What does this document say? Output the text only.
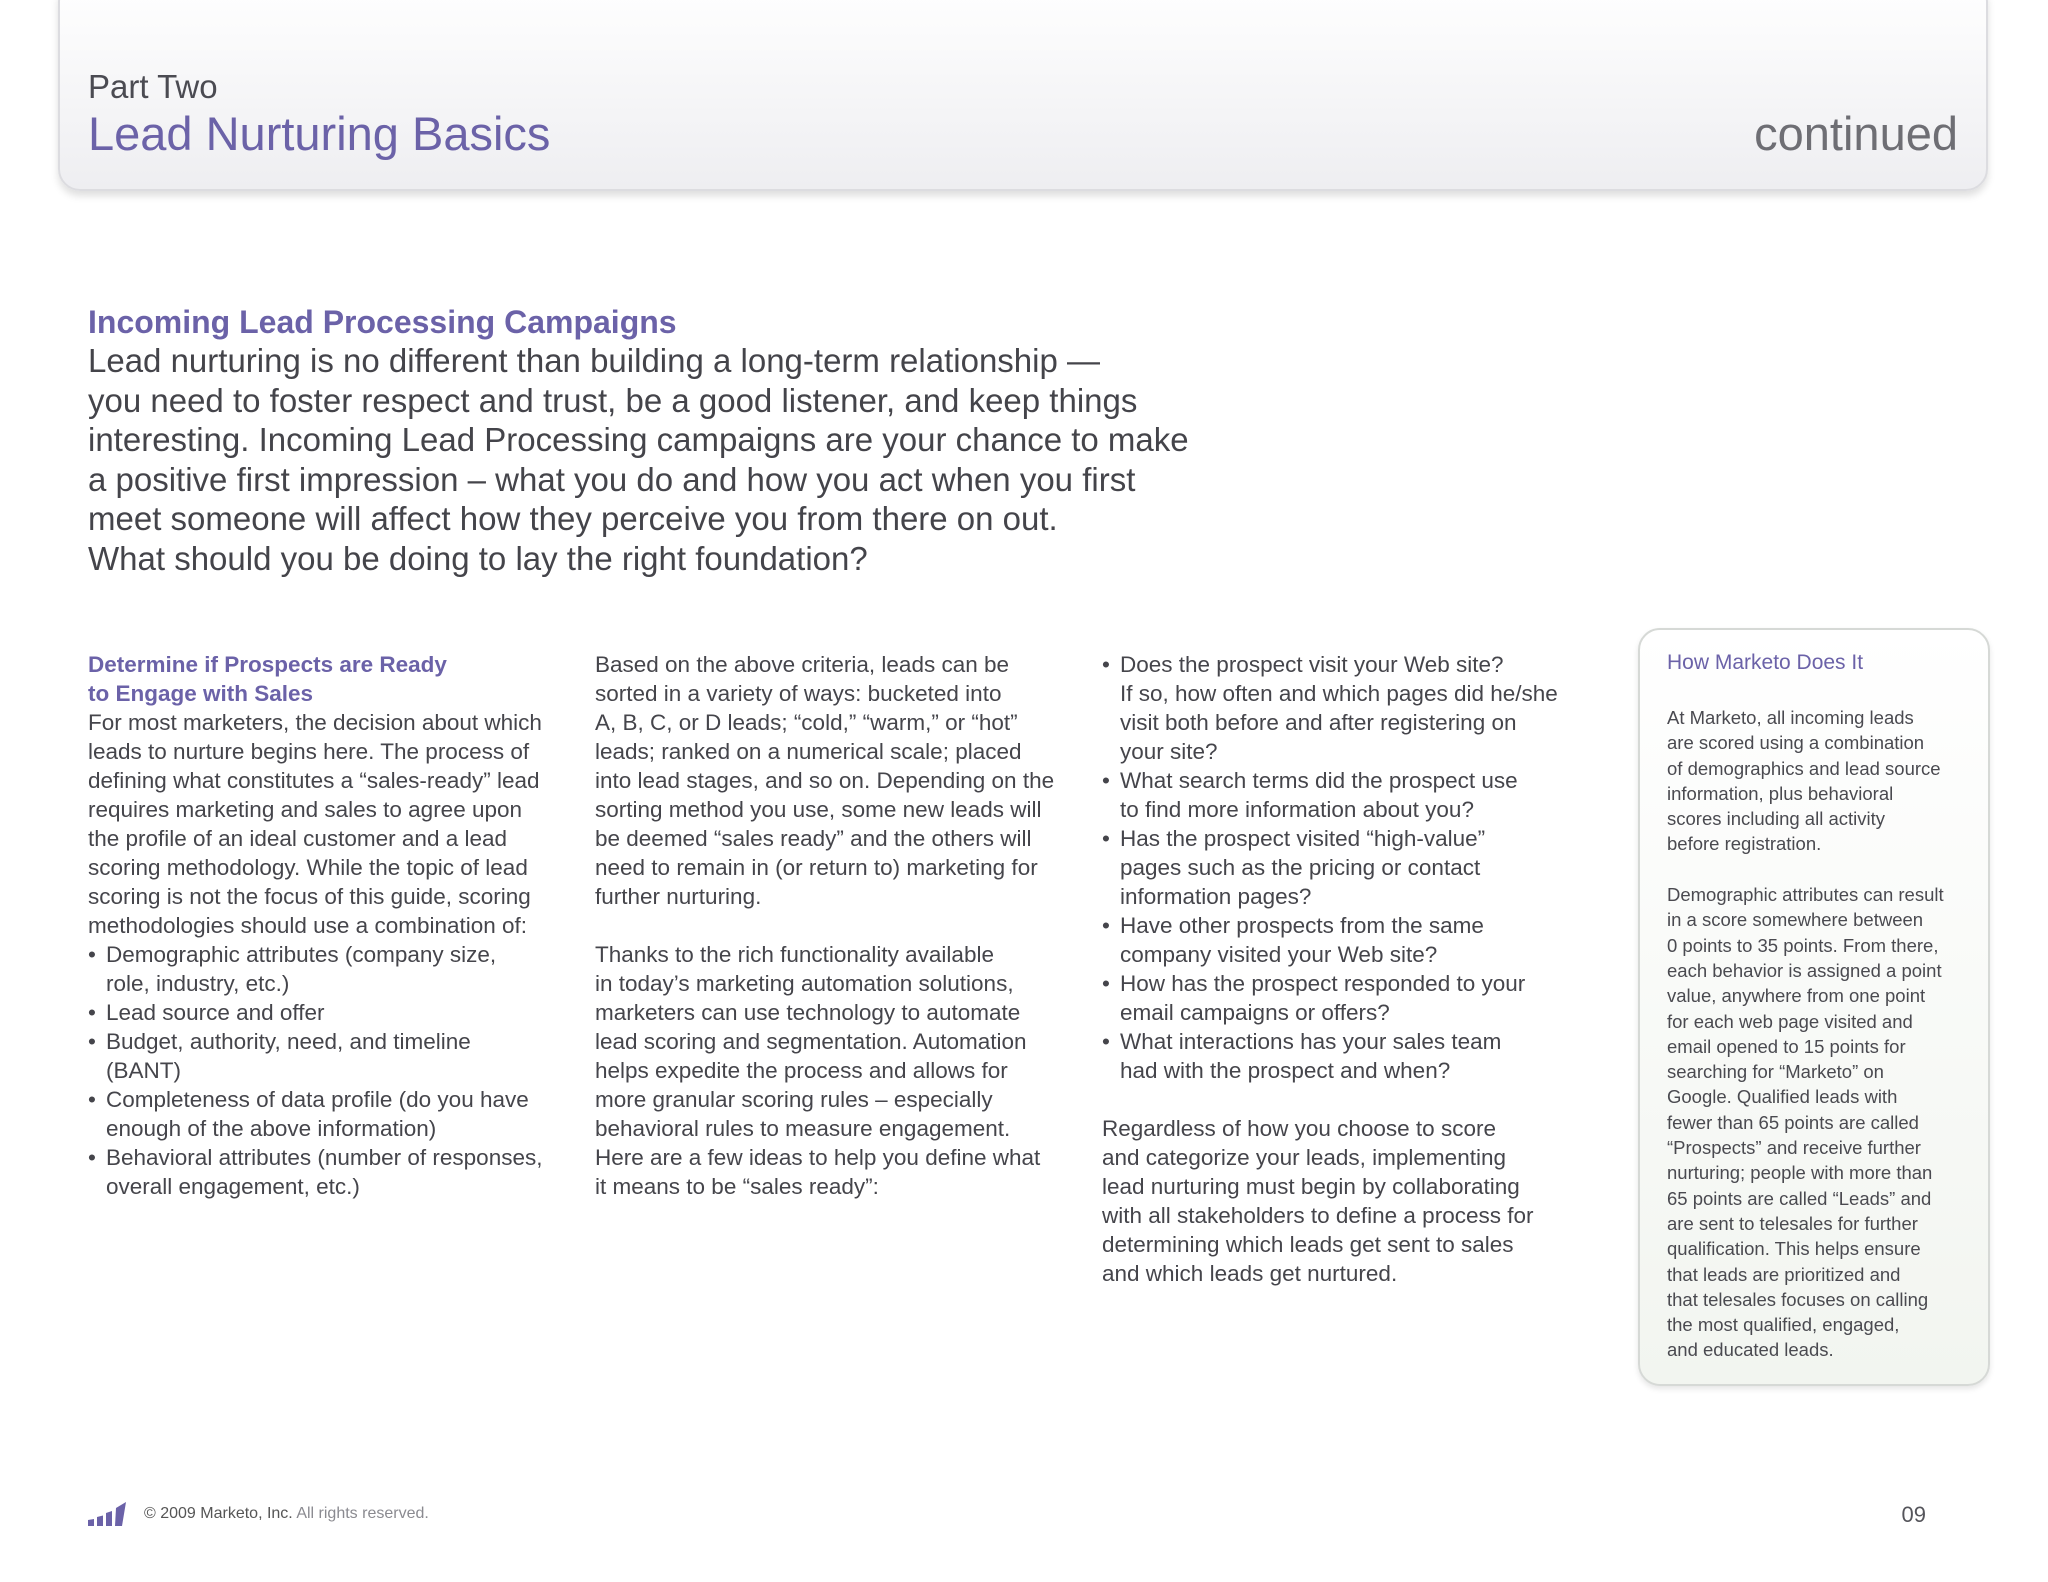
Part Two
Lead Nurturing Basics	continued
Incoming Lead Processing Campaigns
Lead nurturing is no different than building a long-term relationship —
you need to foster respect and trust, be a good listener, and keep things
interesting. Incoming Lead Processing campaigns are your chance to make
a positive first impression – what you do and how you act when you first
meet someone will affect how they perceive you from there on out.
What should you be doing to lay the right foundation?
Determine if Prospects are Ready
to Engage with Sales
For most marketers, the decision about which
leads to nurture begins here. The process of
defining what constitutes a “sales-ready” lead
requires marketing and sales to agree upon
the profile of an ideal customer and a lead
scoring methodology. While the topic of lead
scoring is not the focus of this guide, scoring
methodologies should use a combination of:
• Demographic attributes (company size,
role, industry, etc.)
• Lead source and offer
• Budget, authority, need, and timeline
(BANT)
• Completeness of data profile (do you have
enough of the above information)
• Behavioral attributes (number of responses,
overall engagement, etc.)
Based on the above criteria, leads can be
sorted in a variety of ways: bucketed into
A, B, C, or D leads; “cold,” “warm,” or “hot”
leads; ranked on a numerical scale; placed
into lead stages, and so on. Depending on the
sorting method you use, some new leads will
be deemed “sales ready” and the others will
need to remain in (or return to) marketing for
further nurturing.
Thanks to the rich functionality available
in today’s marketing automation solutions,
marketers can use technology to automate
lead scoring and segmentation. Automation
helps expedite the process and allows for
more granular scoring rules – especially
behavioral rules to measure engagement.
Here are a few ideas to help you define what
it means to be “sales ready”:
• Does the prospect visit your Web site?
If so, how often and which pages did he/she
visit both before and after registering on
your site?
• What search terms did the prospect use
to find more information about you?
• Has the prospect visited “high-value”
pages such as the pricing or contact
information pages?
• Have other prospects from the same
company visited your Web site?
• How has the prospect responded to your
email campaigns or offers?
• What interactions has your sales team
had with the prospect and when?
Regardless of how you choose to score
and categorize your leads, implementing
lead nurturing must begin by collaborating
with all stakeholders to define a process for
determining which leads get sent to sales
and which leads get nurtured.
How Marketo Does It
At Marketo, all incoming leads
are scored using a combination
of demographics and lead source
information, plus behavioral
scores including all activity
before registration.
Demographic attributes can result
in a score somewhere between
0 points to 35 points. From there,
each behavior is assigned a point
value, anywhere from one point
for each web page visited and
email opened to 15 points for
searching for “Marketo” on
Google. Qualified leads with
fewer than 65 points are called
“Prospects” and receive further
nurturing; people with more than
65 points are called “Leads” and
are sent to telesales for further
qualification. This helps ensure
that leads are prioritized and
that telesales focuses on calling
the most qualified, engaged,
and educated leads.
© 2009 Marketo, Inc. All rights reserved.	09
